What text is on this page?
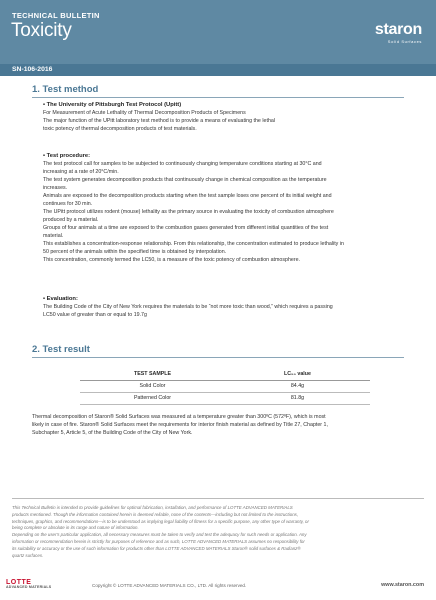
TECHNICAL BULLETIN
Toxicity	staron
Solid Surfaces
SN-106-2016
1. Test method

• The University of Pittsburgh Test Protocol (Upitt)

For Measurement of Acute Lethality of Thermal Decomposition Products of Specimens

The major function of the UPitt laboratory test method is to provide a means of evaluating the lethal

toxic potency of thermal decomposition products of test materials.

• Test procedure:

The test protocol call for samples to be subjected to continuously changing temperature conditions starting at 30°C and

increasing at a rate of 20°C/min.

The test system generates decomposition products that continuously change in chemical composition as the temperature

increases.

Animals are exposed to the decomposition products starting when the test sample loses one percent of its initial weight and

continues for 30 min.

The UPitt protocol utilizes rodent (mouse) lethality as the primary source in evaluating the toxicity of combustion atmosphere

produced by a material.

Groups of four animals at a time are exposed to the combustion gases generated from different initial quantities of the test

material.

This establishes a concentration-response relationship. From this relationship, the concentration estimated to produce lethality in

50 percent of the animals within the specified time is obtained by interpolation.

This concentration, commonly termed the LC50, is a measure of the toxic potency of combustion atmosphere.

• Evaluation:

The Building Code of the City of New York requires the materials to be “not more toxic than wood,” which requires a passing

LC50 value of greater than or equal to 19.7g

2. Test result
TEST SAMPLE	LC₅₀ value
Solid Color	84.4g
Patterned Color	81.8g

Thermal decomposition of Staron® Solid Surfaces was measured at a temperature greater than 300ºC (572ºF), which is most

likely in case of fire. Staron® Solid Surfaces meet the requirements for interior finish material as defined by Title 27, Chapter 1,

Subchapter 5, Article 5, of the Building Code of the City of New York.

This Technical Bulletin is intended to provide guidelines for optimal fabrication, installation, and performance of LOTTE ADVANCED MATERIALS
products mentioned. Though the information contained herein is deemed reliable, none of the contents—including but not limited to the instructions,
techniques, graphics, and recommendations—is to be understood as implying legal liability of fitness for a specific purpose, any other type of warranty, or
being complete or absolute in its range and nature of information.
Depending on the user's particular application, all necessary measures must be taken to verify and test the adequacy for such needs or application. Any
information or recommendation herein is strictly for purposes of reference and as such, LOTTE ADVANCED MATERIALS assumes no responsibility for
its suitability or accuracy or the use of such information for products other than LOTTE ADVANCED MATERIALS Staron® solid surfaces & Radianz®
quartz surfaces.
LOTTE
ADVANCED MATERIALS	Copyright © LOTTE ADVANCED MATERIALS CO., LTD. All rights reserved.	www.staron.com
